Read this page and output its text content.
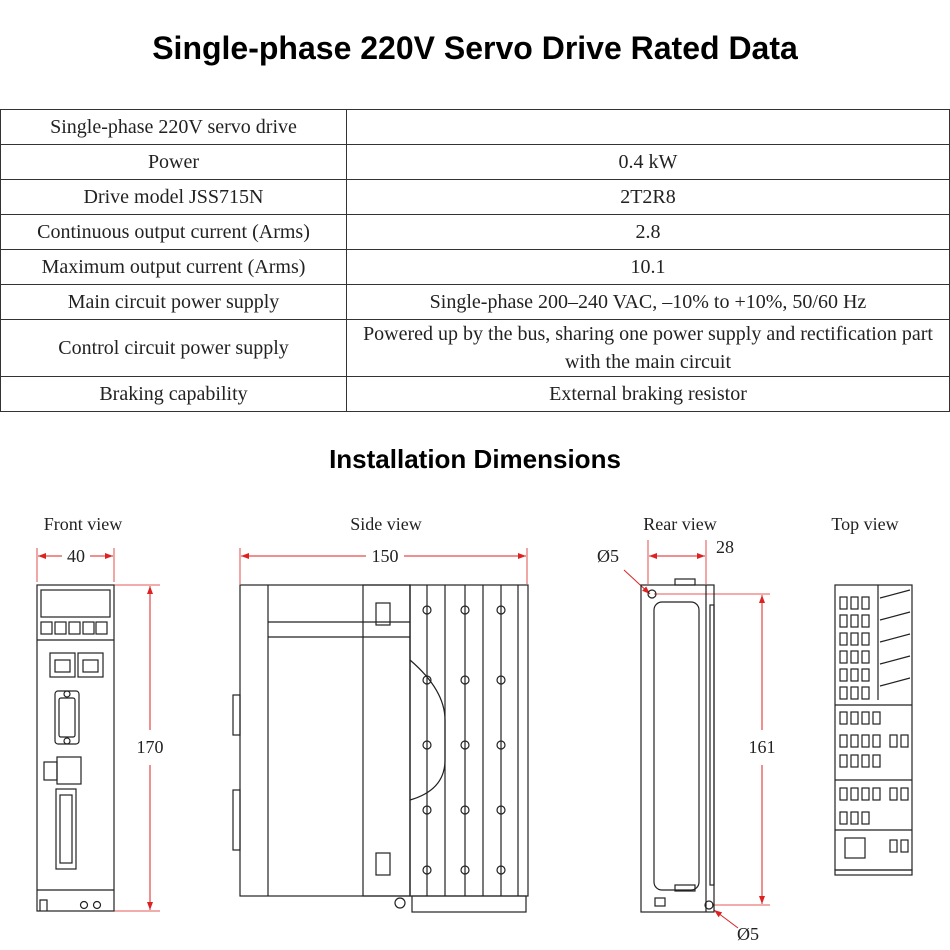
Single-phase 220V Servo Drive Rated Data
Single-phase 220V servo drive	
Power	0.4 kW
Drive model JSS715N	2T2R8
Continuous output current (Arms)	2.8
Maximum output current (Arms)	10.1
Main circuit power supply	Single-phase 200–240 VAC, –10% to +10%, 50/60 Hz
Control circuit power supply	Powered up by the bus, sharing one power supply and rectification part with the main circuit
Braking capability	External braking resistor
Installation Dimensions
Front view	Side view	Rear view	Top view
40
170
150	28
Ø5
161
Ø5
